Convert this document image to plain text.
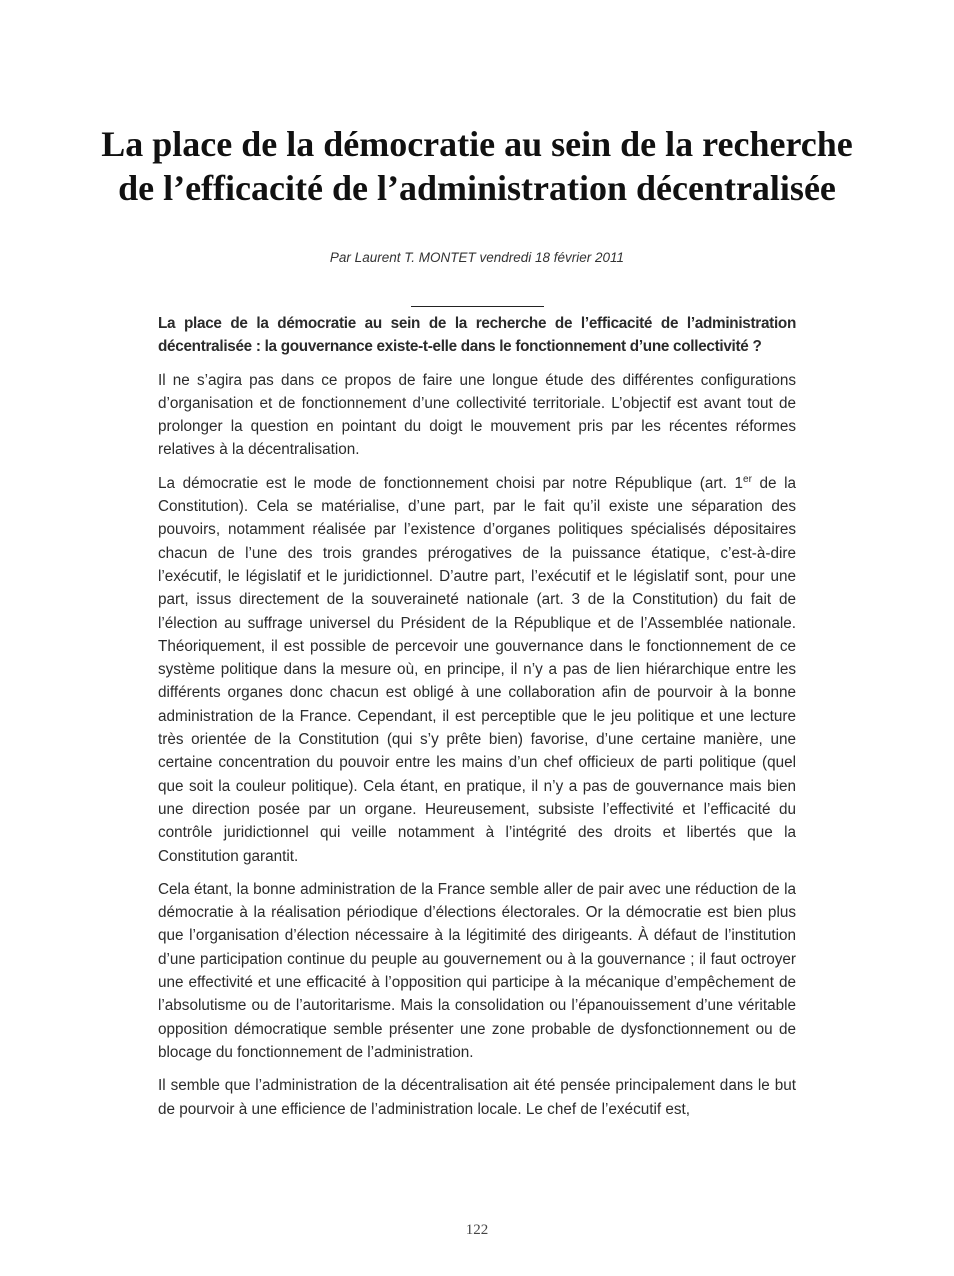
La place de la démocratie au sein de la recherche de l’efficacité de l’administration décentralisée
Par Laurent T. MONTET vendredi 18 février 2011

La place de la démocratie au sein de la recherche de l’efficacité de l’administration décentralisée : la gouvernance existe-t-elle dans le fonctionnement d’une collectivité ?

Il ne s’agira pas dans ce propos de faire une longue étude des différentes configurations d’organisation et de fonctionnement d’une collectivité territoriale. L’objectif est avant tout de prolonger la question en pointant du doigt le mouvement pris par les récentes réformes relatives à la décentralisation.

La démocratie est le mode de fonctionnement choisi par notre République (art. 1er de la Constitution). Cela se matérialise, d’une part, par le fait qu’il existe une séparation des pouvoirs, notamment réalisée par l’existence d’organes politiques spécialisés dépositaires chacun de l’une des trois grandes prérogatives de la puissance étatique, c’est-à-dire l’exécutif, le législatif et le juridictionnel. D’autre part, l’exécutif et le législatif sont, pour une part, issus directement de la souveraineté nationale (art. 3 de la Constitution) du fait de l’élection au suffrage universel du Président de la République et de l’Assemblée nationale. Théoriquement, il est possible de percevoir une gouvernance dans le fonctionnement de ce système politique dans la mesure où, en principe, il n’y a pas de lien hiérarchique entre les différents organes donc chacun est obligé à une collaboration afin de pourvoir à la bonne administration de la France. Cependant, il est perceptible que le jeu politique et une lecture très orientée de la Constitution (qui s’y prête bien) favorise, d’une certaine manière, une certaine concentration du pouvoir entre les mains d’un chef officieux de parti politique (quel que soit la couleur politique). Cela étant, en pratique, il n’y a pas de gouvernance mais bien une direction posée par un organe. Heureusement, subsiste l’effectivité et l’efficacité du contrôle juridictionnel qui veille notamment à l’intégrité des droits et libertés que la Constitution garantit.

Cela étant, la bonne administration de la France semble aller de pair avec une réduction de la démocratie à la réalisation périodique d’élections électorales. Or la démocratie est bien plus que l’organisation d’élection nécessaire à la légitimité des dirigeants. À défaut de l’institution d’une participation continue du peuple au gouvernement ou à la gouvernance ; il faut octroyer une effectivité et une efficacité à l’opposition qui participe à la mécanique d’empêchement de l’absolutisme ou de l’autoritarisme. Mais la consolidation ou l’épanouissement d’une véritable opposition démocratique semble présenter une zone probable de dysfonctionnement ou de blocage du fonctionnement de l’administration.

Il semble que l’administration de la décentralisation ait été pensée principalement dans le but de pourvoir à une efficience de l’administration locale. Le chef de l’exécutif est,

122
